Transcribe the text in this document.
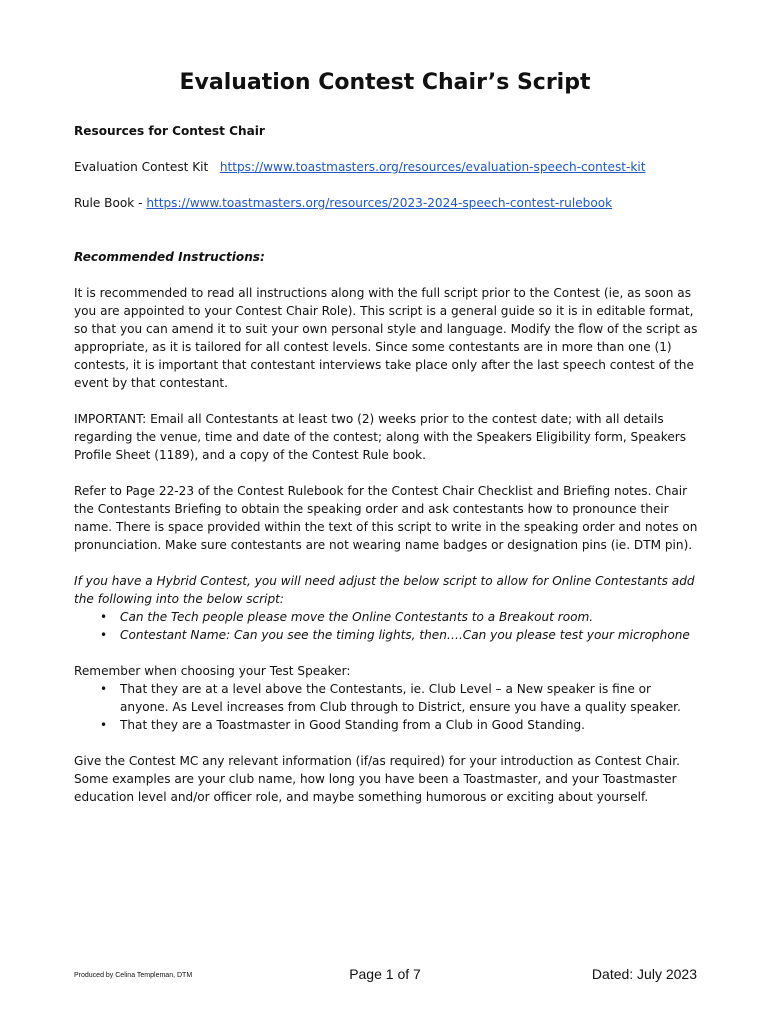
Evaluation Contest Chair’s Script

Resources for Contest Chair

Evaluation Contest Kit https://www.toastmasters.org/resources/evaluation-speech-contest-kit

Rule Book - https://www.toastmasters.org/resources/2023-2024-speech-contest-rulebook

Recommended Instructions:

It is recommended to read all instructions along with the full script prior to the Contest (ie, as soon as you are appointed to your Contest Chair Role). This script is a general guide so it is in editable format, so that you can amend it to suit your own personal style and language. Modify the flow of the script as appropriate, as it is tailored for all contest levels. Since some contestants are in more than one (1) contests, it is important that contestant interviews take place only after the last speech contest of the event by that contestant.

IMPORTANT: Email all Contestants at least two (2) weeks prior to the contest date; with all details regarding the venue, time and date of the contest; along with the Speakers Eligibility form, Speakers Profile Sheet (1189), and a copy of the Contest Rule book.

Refer to Page 22-23 of the Contest Rulebook for the Contest Chair Checklist and Briefing notes. Chair the Contestants Briefing to obtain the speaking order and ask contestants how to pronounce their name. There is space provided within the text of this script to write in the speaking order and notes on pronunciation. Make sure contestants are not wearing name badges or designation pins (ie. DTM pin).

If you have a Hybrid Contest, you will need adjust the below script to allow for Online Contestants add the following into the below script:

• Can the Tech people please move the Online Contestants to a Breakout room.
• Contestant Name: Can you see the timing lights, then….Can you please test your microphone

Remember when choosing your Test Speaker:

• That they are at a level above the Contestants, ie. Club Level – a New speaker is fine or anyone. As Level increases from Club through to District, ensure you have a quality speaker.
• That they are a Toastmaster in Good Standing from a Club in Good Standing.

Give the Contest MC any relevant information (if/as required) for your introduction as Contest Chair. Some examples are your club name, how long you have been a Toastmaster, and your Toastmaster education level and/or officer role, and maybe something humorous or exciting about yourself.

Produced by Celina Templeman, DTM	Page 1 of 7	Dated: July 2023
